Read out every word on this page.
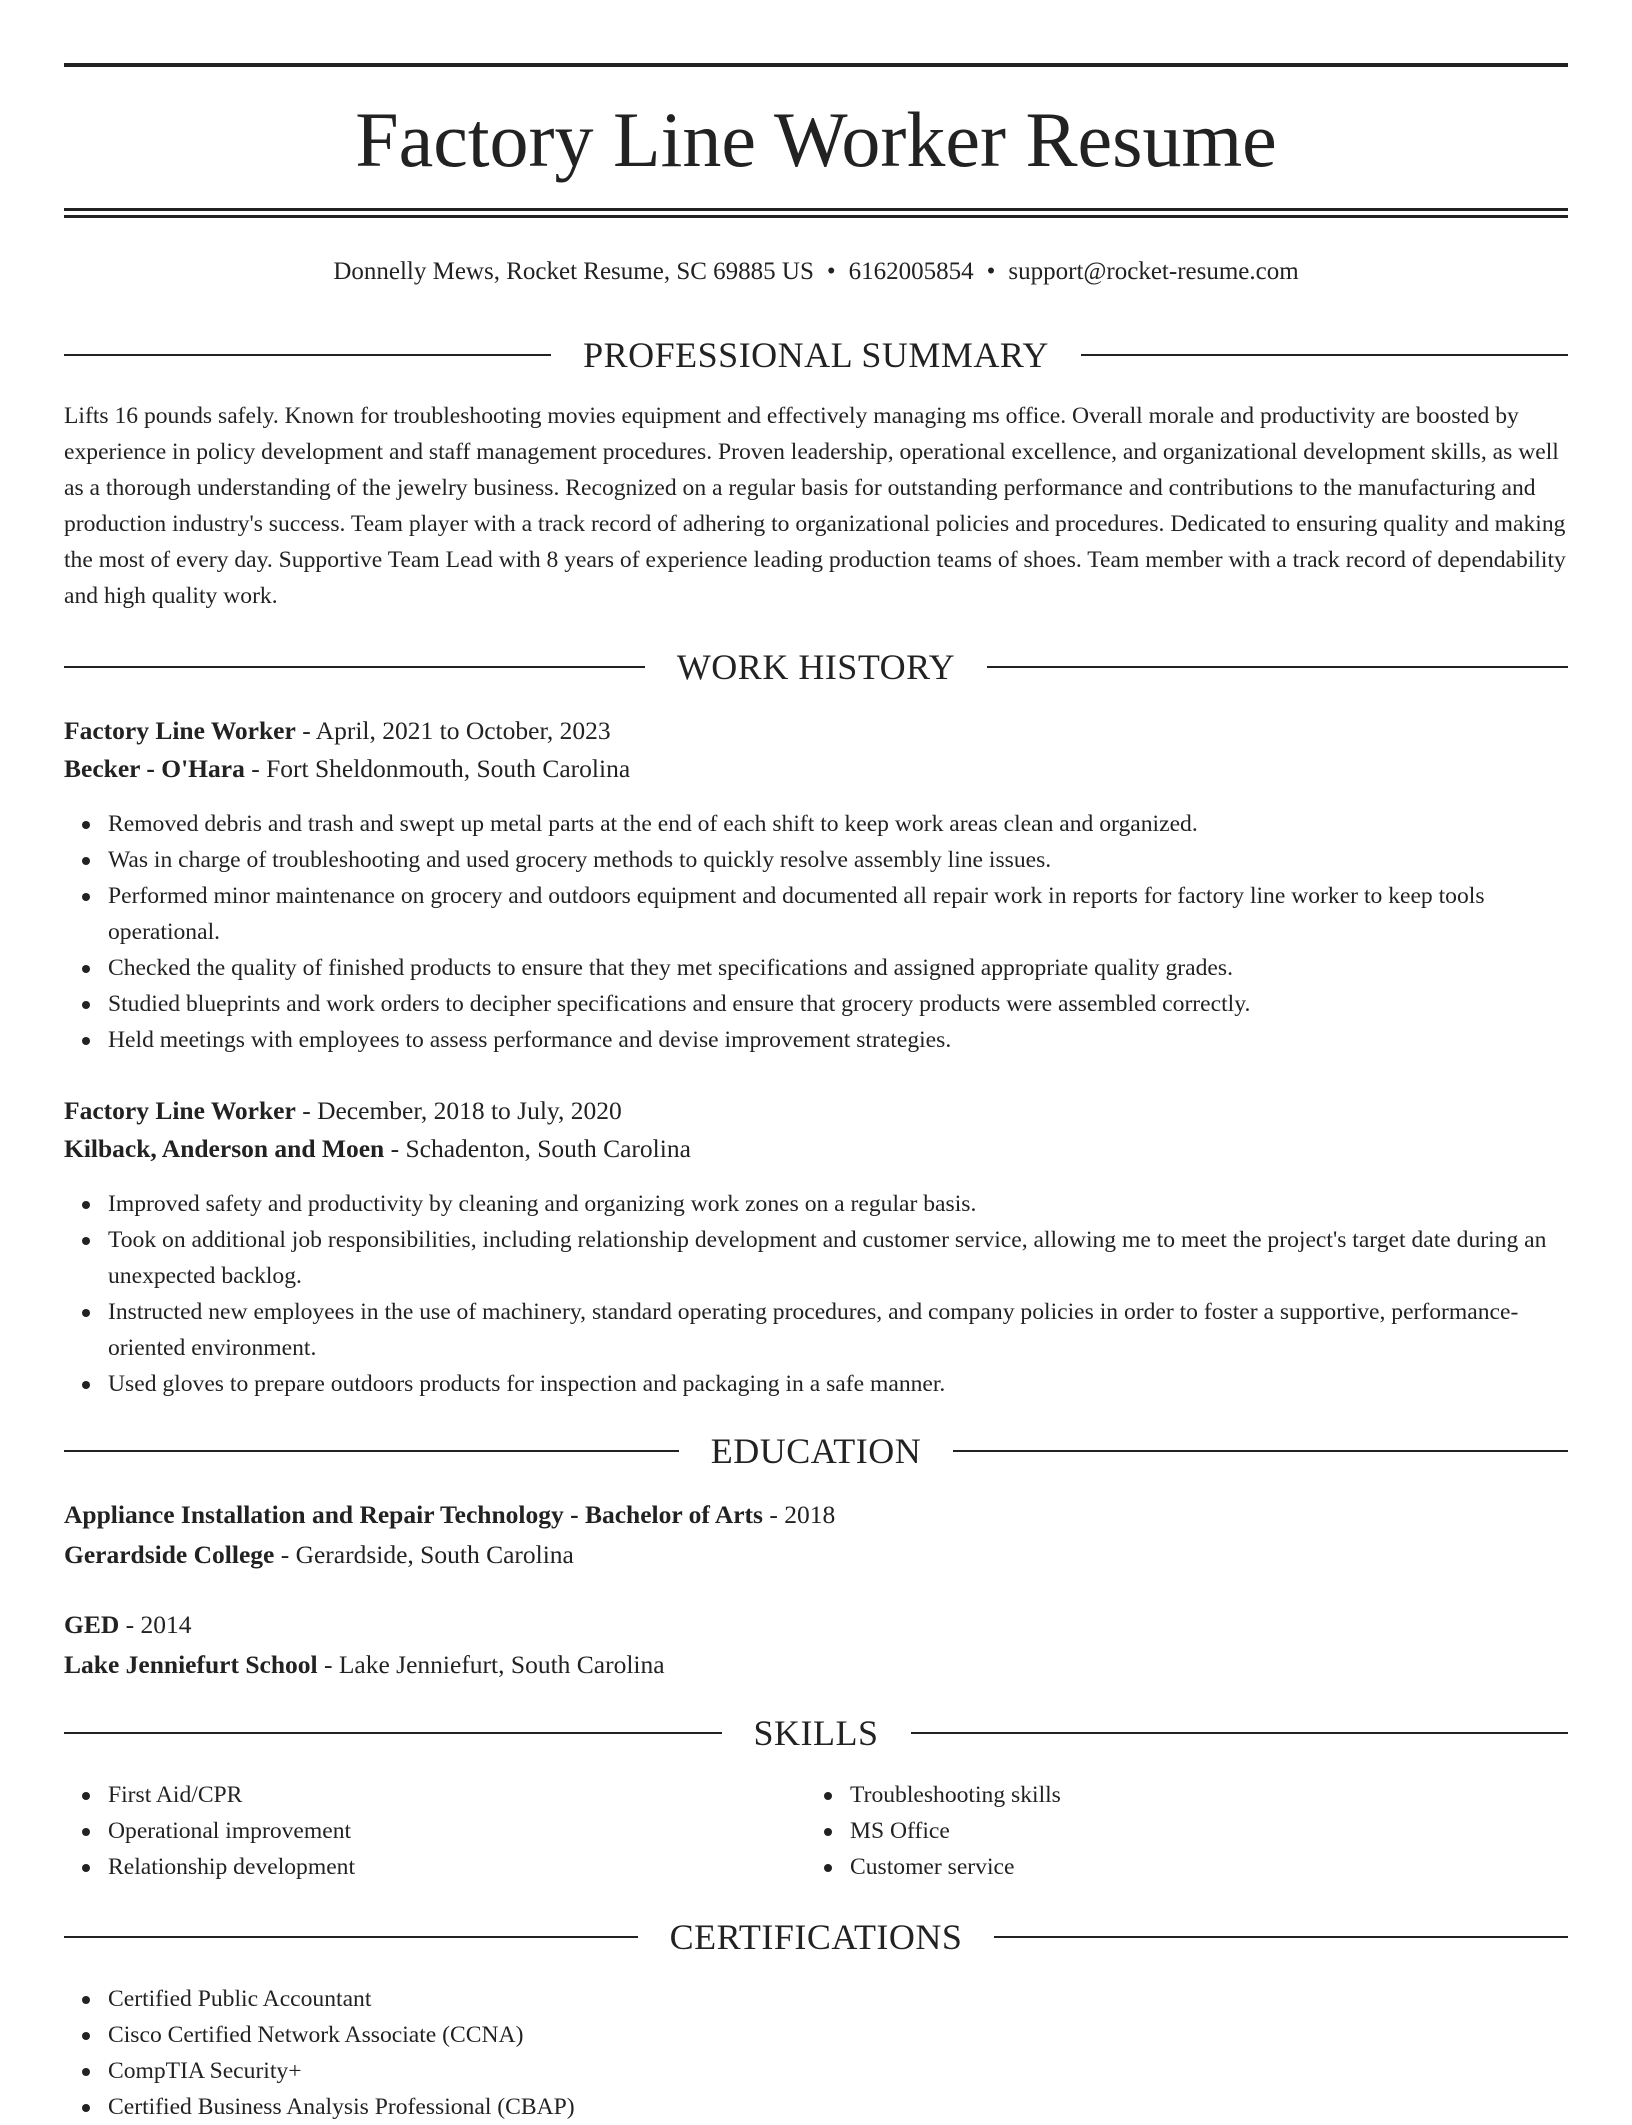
Factory Line Worker Resume
Donnelly Mews, Rocket Resume, SC 69885 US • 6162005854 • support@rocket-resume.com
PROFESSIONAL SUMMARY

Lifts 16 pounds safely. Known for troubleshooting movies equipment and effectively managing ms office. Overall morale and productivity are boosted by experience in policy development and staff management procedures. Proven leadership, operational excellence, and organizational development skills, as well as a thorough understanding of the jewelry business. Recognized on a regular basis for outstanding performance and contributions to the manufacturing and production industry's success. Team player with a track record of adhering to organizational policies and procedures. Dedicated to ensuring quality and making the most of every day. Supportive Team Lead with 8 years of experience leading production teams of shoes. Team member with a track record of dependability and high quality work.

WORK HISTORY
Factory Line Worker - April, 2021 to October, 2023
Becker - O'Hara - Fort Sheldonmouth, South Carolina
Removed debris and trash and swept up metal parts at the end of each shift to keep work areas clean and organized.
Was in charge of troubleshooting and used grocery methods to quickly resolve assembly line issues.
Performed minor maintenance on grocery and outdoors equipment and documented all repair work in reports for factory line worker to keep tools operational.
Checked the quality of finished products to ensure that they met specifications and assigned appropriate quality grades.
Studied blueprints and work orders to decipher specifications and ensure that grocery products were assembled correctly.
Held meetings with employees to assess performance and devise improvement strategies.
Factory Line Worker - December, 2018 to July, 2020
Kilback, Anderson and Moen - Schadenton, South Carolina
Improved safety and productivity by cleaning and organizing work zones on a regular basis.
Took on additional job responsibilities, including relationship development and customer service, allowing me to meet the project's target date during an unexpected backlog.
Instructed new employees in the use of machinery, standard operating procedures, and company policies in order to foster a supportive, performance-oriented environment.
Used gloves to prepare outdoors products for inspection and packaging in a safe manner.
EDUCATION
Appliance Installation and Repair Technology - Bachelor of Arts - 2018
Gerardside College - Gerardside, South Carolina
GED - 2014
Lake Jenniefurt School - Lake Jenniefurt, South Carolina
SKILLS
First Aid/CPR
Operational improvement
Relationship development
Troubleshooting skills
MS Office
Customer service
CERTIFICATIONS
Certified Public Accountant
Cisco Certified Network Associate (CCNA)
CompTIA Security+
Certified Business Analysis Professional (CBAP)
